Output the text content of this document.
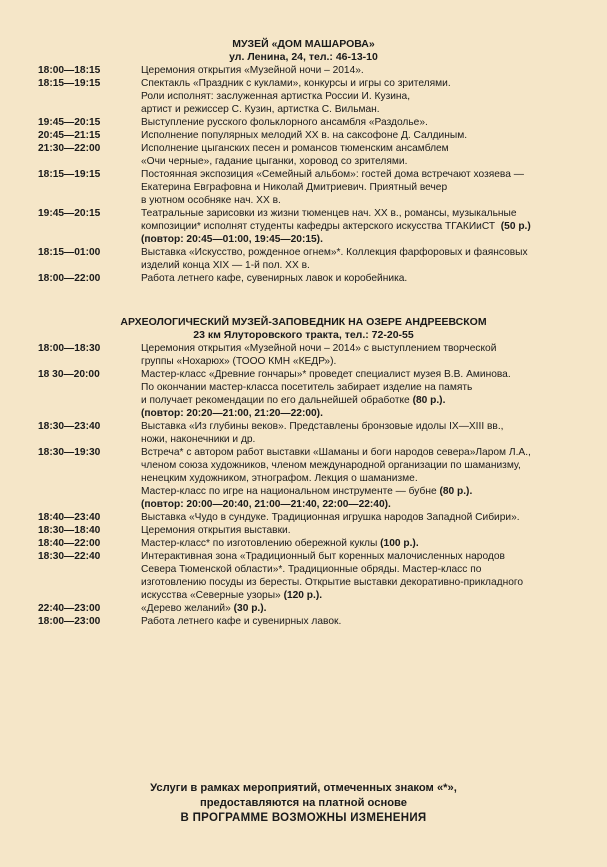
МУЗЕЙ «ДОМ МАШАРОВА»
ул. Ленина, 24, тел.: 46-13-10
18:00—18:15	Церемония открытия «Музейной ночи – 2014».
18:15—19:15	Спектакль «Праздник с куклами», конкурсы и игры со зрителями.
Роли исполнят: заслуженная артистка России И. Кузина,
артист и режиссер С. Кузин, артистка С. Вильман.
19:45—20:15	Выступление русского фольклорного ансамбля «Раздолье».
20:45—21:15	Исполнение популярных мелодий XX в. на саксофоне Д. Салдиным.
21:30—22:00	Исполнение цыганских песен и романсов тюменским ансамблем
«Очи черные», гадание цыганки, хоровод со зрителями.
18:15—19:15	Постоянная экспозиция «Семейный альбом»: гостей дома встречают хозяева —
Екатерина Евграфовна и Николай Дмитриевич. Приятный вечер
в уютном особняке нач. XX в.
19:45—20:15	Театральные зарисовки из жизни тюменцев нач. XX в., романсы, музыкальные
композиции* исполнят студенты кафедры актерского искусства ТГАКИиСТ (50 р.)
(повтор: 20:45—01:00, 19:45—20:15).
18:15—01:00	Выставка «Искусство, рожденное огнем»*. Коллекция фарфоровых и фаянсовых
изделий конца XIX — 1-й пол. XX в.
18:00—22:00	Работа летнего кафе, сувенирных лавок и коробейника.
АРХЕОЛОГИЧЕСКИЙ МУЗЕЙ-ЗАПОВЕДНИК НА ОЗЕРЕ АНДРЕЕВСКОМ
23 км Ялуторовского тракта, тел.: 72-20-55
18:00—18:30	Церемония открытия «Музейной ночи – 2014» с выступлением творческой
группы «Нохарюх» (ТООО КМН «КЕДР»).
18 30—20:00	Мастер-класс «Древние гончары»* проведет специалист музея В.В. Аминова.
По окончании мастер-класса посетитель забирает изделие на память
и получает рекомендации по его дальнейшей обработке (80 р.).
(повтор: 20:20—21:00, 21:20—22:00).
18:30—23:40	Выставка «Из глубины веков». Представлены бронзовые идолы IX—XIII вв.,
ножи, наконечники и др.
18:30—19:30	Встреча* с автором работ выставки «Шаманы и боги народов севера»Ларом Л.А.,
членом союза художников, членом международной организации по шаманизму,
ненецким художником, этнографом. Лекция о шаманизме.
Мастер-класс по игре на национальном инструменте — бубне (80 р.).
(повтор: 20:00—20:40, 21:00—21:40, 22:00—22:40).
18:40—23:40	Выставка «Чудо в сундуке. Традиционная игрушка народов Западной Сибири».
18:30—18:40	Церемония открытия выставки.
18:40—22:00	Мастер-класс* по изготовлению обережной куклы (100 р.).
18:30—22:40	Интерактивная зона «Традиционный быт коренных малочисленных народов
Севера Тюменской области»*. Традиционные обряды. Мастер-класс по
изготовлению посуды из бересты. Открытие выставки декоративно-прикладного
искусства «Северные узоры» (120 р.).
22:40—23:00	«Дерево желаний» (30 р.).
18:00—23:00	Работа летнего кафе и сувенирных лавок.
Услуги в рамках мероприятий, отмеченных знаком «*»,
предоставляются на платной основе
В ПРОГРАММЕ ВОЗМОЖНЫ ИЗМЕНЕНИЯ
